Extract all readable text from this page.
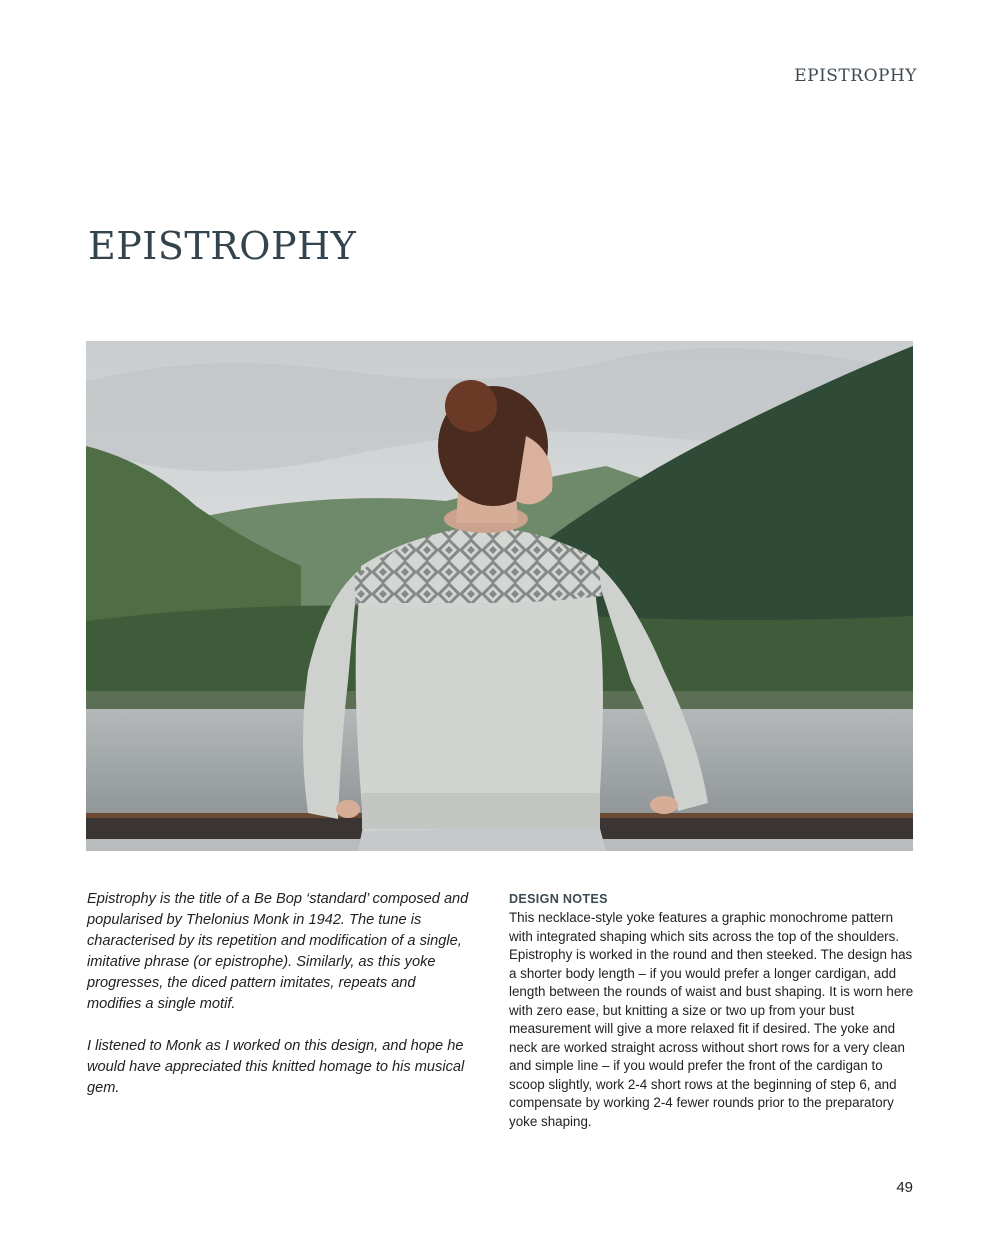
EPISTROPHY
EPISTROPHY

Epistrophy is the title of a Be Bop ‘standard’ composed and popularised by Thelonius Monk in 1942. The tune is characterised by its repetition and modification of a single, imitative phrase (or epistrophe). Similarly, as this yoke progresses, the diced pattern imitates, repeats and modifies a single motif.

I listened to Monk as I worked on this design, and hope he would have appreciated this knitted homage to his musical gem.

DESIGN NOTES

This necklace-style yoke features a graphic monochrome pattern with integrated shaping which sits across the top of the shoulders. Epistrophy is worked in the round and then steeked. The design has a shorter body length – if you would prefer a longer cardigan, add length between the rounds of waist and bust shaping. It is worn here with zero ease, but knitting a size or two up from your bust measurement will give a more relaxed fit if desired. The yoke and neck are worked straight across without short rows for a very clean and simple line – if you would prefer the front of the cardigan to scoop slightly, work 2-4 short rows at the beginning of step 6, and compensate by working 2-4 fewer rounds prior to the preparatory yoke shaping.

49
